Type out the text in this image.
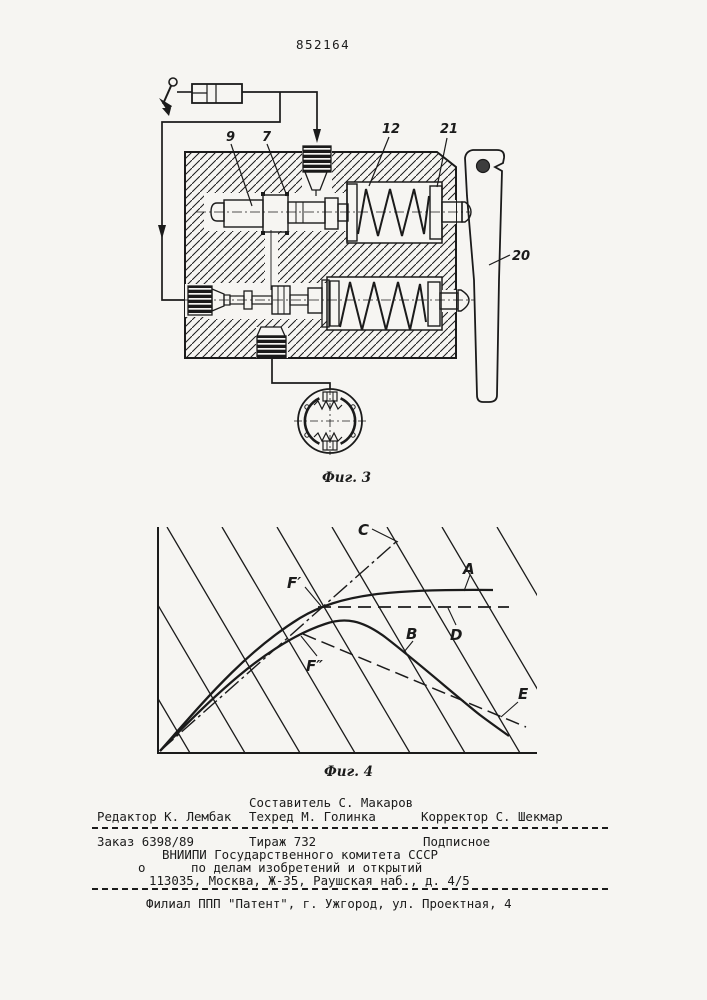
852164
9 7
12	21
20
Фиг. 3
C
A
F′
D
B
F″
E
Фиг. 4
Составитель С. Макаров
Редактор К. Лембак Техред М. Голинка	Корректор С. Шекмар
Заказ 6398/89	Тираж 732	Подписное
ВНИИПИ Государственного комитета СССР
о	по делам изобретений и открытий
113035, Москва, Ж-35, Раушская наб., д. 4/5
Филиал ППП "Патент", г. Ужгород, ул. Проектная, 4
